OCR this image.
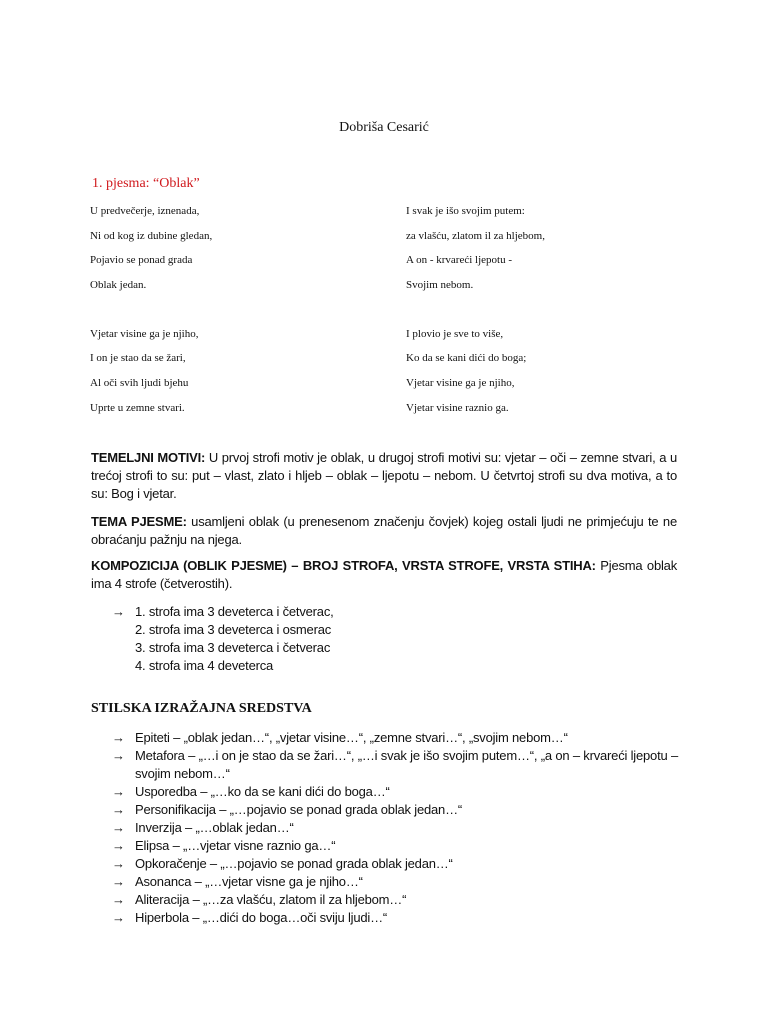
Dobriša Cesarić
1. pjesma: “Oblak”
U predvečerje, iznenada,
Ni od kog iz dubine gledan,
Pojavio se ponad grada
Oblak jedan.
I svak je išo svojim putem:
za vlašću, zlatom il za hljebom,
A on - krvareći ljepotu -
Svojim nebom.
Vjetar visine ga je njiho,
I on je stao da se žari,
Al oči svih ljudi bjehu
Uprte u zemne stvari.
I plovio je sve to više,
Ko da se kani dići do boga;
Vjetar visine ga je njiho,
Vjetar visine raznio ga.
TEMELJNI MOTIVI: U prvoj strofi motiv je oblak, u drugoj strofi motivi su: vjetar – oči – zemne stvari, a u trećoj strofi to su: put – vlast, zlato i hljeb – oblak – ljepotu – nebom. U četvrtoj strofi su dva motiva, a to su: Bog i vjetar.
TEMA PJESME: usamljeni oblak (u prenesenom značenju čovjek) kojeg ostali ljudi ne primjećuju te ne obraćanju pažnju na njega.
KOMPOZICIJA (OBLIK PJESME) – BROJ STROFA, VRSTA STROFE, VRSTA STIHA: Pjesma oblak ima 4 strofe (četverostih).
→ 1. strofa ima 3 deveterca i četverac,
2. strofa ima 3 deveterca i osmerac
3. strofa ima 3 deveterca i četverac
4. strofa ima 4 deveterca
STILSKA IZRAŽAJNA SREDSTVA
→ Epiteti – „oblak jedan…“, „vjetar visine…“, „zemne stvari…“, „svojim nebom…“
→ Metafora – „…i on je stao da se žari…“, „…i svak je išo svojim putem…“, „a on – krvareći ljepotu – svojim nebom…“
→ Usporedba – „…ko da se kani dići do boga…“
→ Personifikacija – „…pojavio se ponad grada oblak jedan…“
→ Inverzija – „…oblak jedan…“
→ Elipsa – „…vjetar visne raznio ga…“
→ Opkoračenje – „…pojavio se ponad grada oblak jedan…“
→ Asonanca – „…vjetar visne ga je njiho…“
→ Aliteracija – „…za vlašću, zlatom il za hljebom…“
→ Hiperbola – „…dići do boga…oči sviju ljudi…“
